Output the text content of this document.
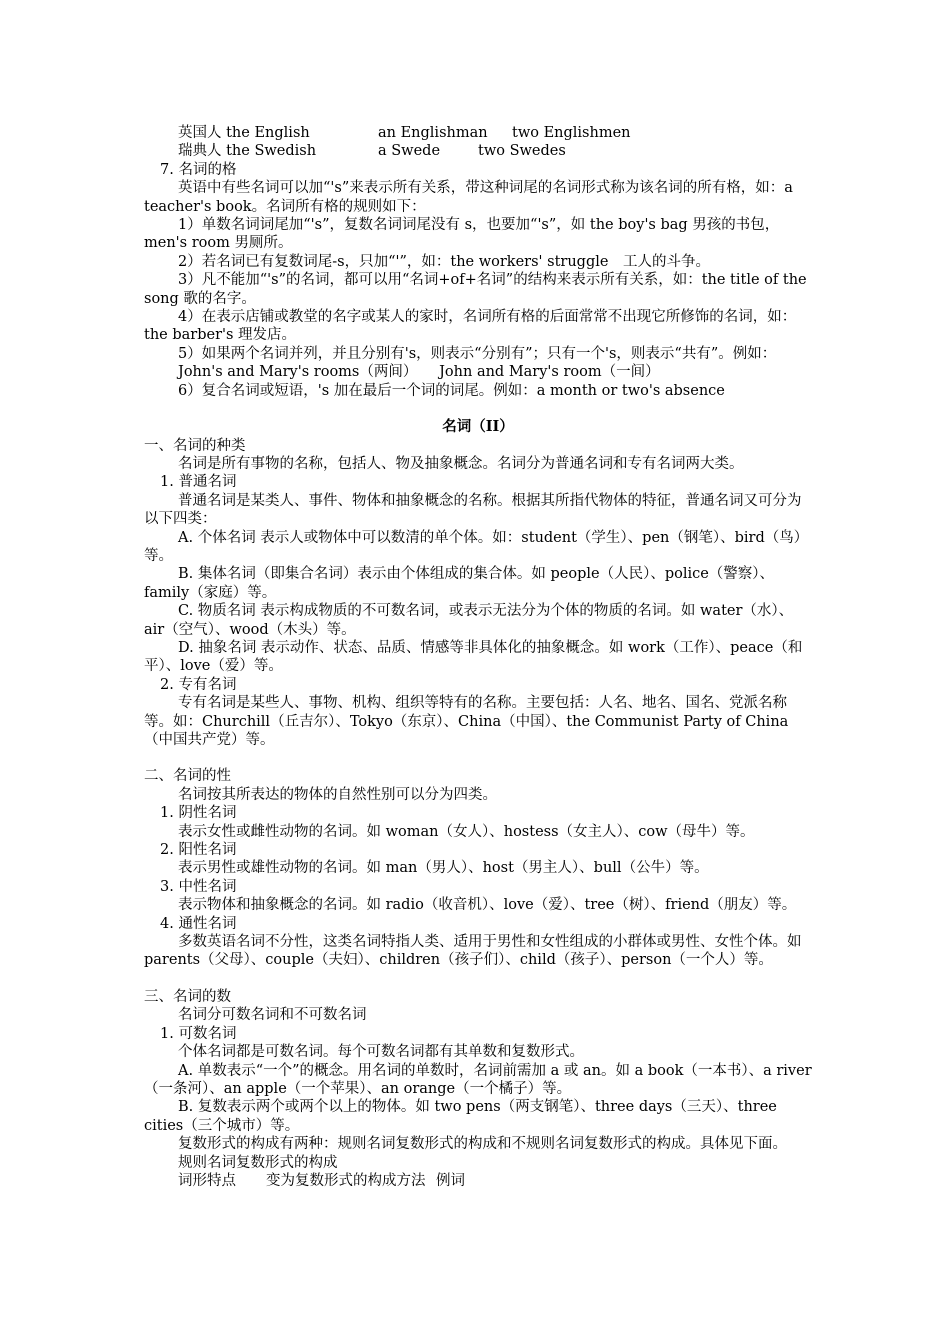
英国人 the English	an Englishman	two Englishmen
瑞典人 the Swedish	a Swede	two Swedes

7. 名词的格

英语中有些名词可以加“'s”来表示所有关系，带这种词尾的名词形式称为该名词的所有格，如：a teacher's book。名词所有格的规则如下：

1）单数名词词尾加“'s”，复数名词词尾没有 s，也要加“'s”，如 the boy's bag 男孩的书包，men's room 男厕所。

2）若名词已有复数词尾-s，只加“'”，如：the workers' struggle　工人的斗争。

3）凡不能加“'s”的名词，都可以用“名词+of+名词”的结构来表示所有关系，如：the title of the song 歌的名字。

4）在表示店铺或教堂的名字或某人的家时，名词所有格的后面常常不出现它所修饰的名词，如：the barber's 理发店。

5）如果两个名词并列，并且分别有's，则表示“分别有”；只有一个's，则表示“共有”。例如：

John's and Mary's rooms（两间）　　John and Mary's room（一间）

6）复合名词或短语，'s 加在最后一个词的词尾。例如：a month or two's absence

名词（II）

一、名词的种类

名词是所有事物的名称，包括人、物及抽象概念。名词分为普通名词和专有名词两大类。

1. 普通名词

普通名词是某类人、事件、物体和抽象概念的名称。根据其所指代物体的特征，普通名词又可分为以下四类：

A. 个体名词 表示人或物体中可以数清的单个体。如：student（学生）、pen（钢笔）、bird（鸟）等。

B. 集体名词（即集合名词）表示由个体组成的集合体。如 people（人民）、police（警察）、family（家庭）等。

C. 物质名词 表示构成物质的不可数名词，或表示无法分为个体的物质的名词。如 water（水）、air（空气）、wood（木头）等。

D. 抽象名词 表示动作、状态、品质、情感等非具体化的抽象概念。如 work（工作）、peace（和平）、love（爱）等。

2. 专有名词

专有名词是某些人、事物、机构、组织等特有的名称。主要包括：人名、地名、国名、党派名称等。如：Churchill（丘吉尔）、Tokyo（东京）、China（中国）、the Communist Party of China（中国共产党）等。

二、名词的性

名词按其所表达的物体的自然性别可以分为四类。

1. 阴性名词

表示女性或雌性动物的名词。如 woman（女人）、hostess（女主人）、cow（母牛）等。

2. 阳性名词

表示男性或雄性动物的名词。如 man（男人）、host（男主人）、bull（公牛）等。

3. 中性名词

表示物体和抽象概念的名词。如 radio（收音机）、love（爱）、tree（树）、friend（朋友）等。

4. 通性名词

多数英语名词不分性，这类名词特指人类、适用于男性和女性组成的小群体或男性、女性个体。如 parents（父母）、couple（夫妇）、children（孩子们）、child（孩子）、person（一个人）等。

三、名词的数

名词分可数名词和不可数名词

1. 可数名词

个体名词都是可数名词。每个可数名词都有其单数和复数形式。

A. 单数表示“一个”的概念。用名词的单数时，名词前需加 a 或 an。如 a book（一本书）、a river（一条河）、an apple（一个苹果）、an orange（一个橘子）等。

B. 复数表示两个或两个以上的物体。如 two pens（两支钢笔）、three days（三天）、three cities（三个城市）等。

复数形式的构成有两种：规则名词复数形式的构成和不规则名词复数形式的构成。具体见下面。

规则名词复数形式的构成

词形特点 变为复数形式的构成方法 例词
